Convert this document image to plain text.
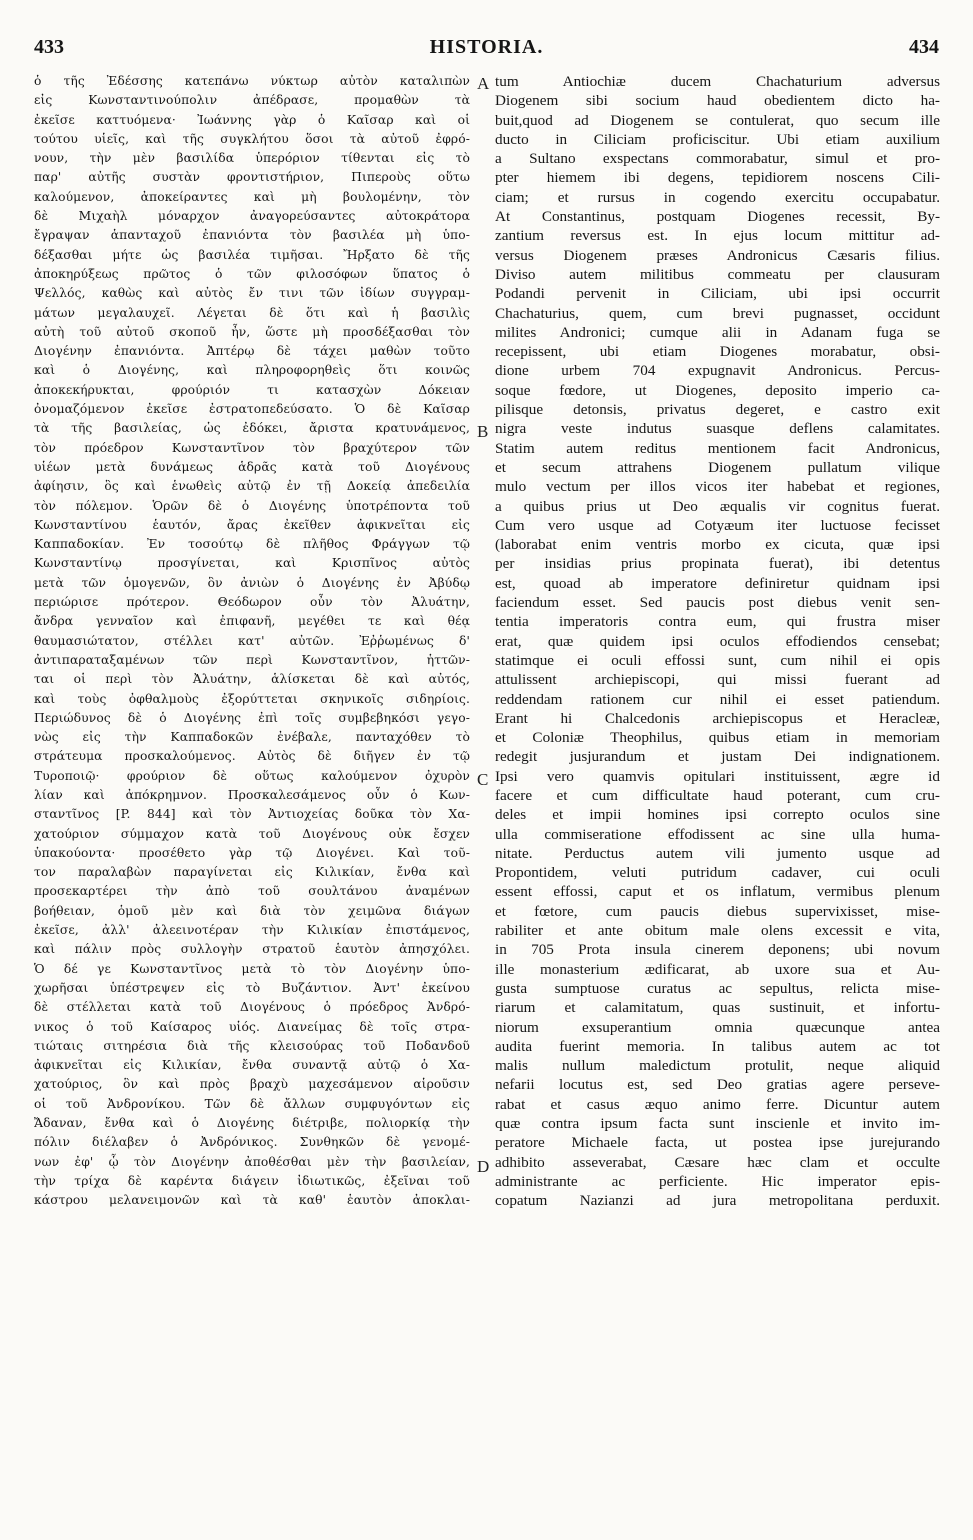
433	HISTORIA.	434
ὁ τῆς Ἐδέσσης κατεπάνω νύκτωρ αὐτὸν καταλιπὼν
εἰς Κωνσταντινούπολιν ἀπέδρασε, προμαθὼν τὰ
ἐκεῖσε καττυόμενα· Ἰωάννης γὰρ ὁ Καῖσαρ καὶ οἱ
τούτου υἱεῖς, καὶ τῆς συγκλήτου ὅσοι τὰ αὐτοῦ ἐφρό-
νουν, τὴν μὲν βασιλίδα ὑπερόριον τίθενται εἰς τὸ
παρ' αὐτῆς συστὰν φροντιστήριον, Πιπεροὺς οὕτω
καλούμενον, ἀποκείραντες καὶ μὴ βουλομένην, τὸν
δὲ Μιχαὴλ μόναρχον ἀναγορεύσαντες αὐτοκράτορα
ἔγραψαν ἁπανταχοῦ ἐπανιόντα τὸν βασιλέα μὴ ὑπο-
δέξασθαι μήτε ὡς βασιλέα τιμῆσαι. Ἤρξατο δὲ τῆς
ἀποκηρύξεως πρῶτος ὁ τῶν φιλοσόφων ὕπατος ὁ
Ψελλός, καθὼς καὶ αὐτὸς ἔν τινι τῶν ἰδίων συγγραμ-
μάτων μεγαλαυχεῖ. Λέγεται δὲ ὅτι καὶ ἡ βασιλὶς
αὐτὴ τοῦ αὐτοῦ σκοποῦ ἦν, ὥστε μὴ προσδέξασθαι τὸν
Διογένην ἐπανιόντα. Ἀπτέρῳ δὲ τάχει μαθὼν τοῦτο
καὶ ὁ Διογένης, καὶ πληροφορηθεὶς ὅτι κοινῶς
ἀποκεκήρυκται, φρούριόν τι κατασχὼν Δόκειαν
ὀνομαζόμενον ἐκεῖσε ἐστρατοπεδεύσατο. Ὁ δὲ Καῖσαρ
τὰ τῆς βασιλείας, ὡς ἐδόκει, ἄριστα κρατυνάμενος,
τὸν πρόεδρον Κωνσταντῖνον τὸν βραχύτερον τῶν
υἱέων μετὰ δυνάμεως ἁδρᾶς κατὰ τοῦ Διογένους
ἀφίησιν, ὃς καὶ ἑνωθεὶς αὐτῷ ἐν τῇ Δοκείᾳ ἀπεδειλία
τὸν πόλεμον. Ὁρῶν δὲ ὁ Διογένης ὑποτρέποντα τοῦ
Κωνσταντίνου ἑαυτόν, ἄρας ἐκεῖθεν ἀφικνεῖται εἰς
Καππαδοκίαν. Ἐν τοσούτῳ δὲ πλῆθος Φράγγων τῷ
Κωνσταντίνῳ προσγίνεται, καὶ Κρισπῖνος αὐτὸς
μετὰ τῶν ὁμογενῶν, ὃν ἀνιὼν ὁ Διογένης ἐν Ἀβύδῳ
περιώρισε πρότερον. Θεόδωρον οὖν τὸν Ἀλυάτην,
ἄνδρα γενναῖον καὶ ἐπιφανῆ, μεγέθει τε καὶ θέᾳ
θαυμασιώτατον, στέλλει κατ' αὐτῶν. Ἐῤῥωμένως δ'
ἀντιπαραταξαμένων τῶν περὶ Κωνσταντῖνον, ἡττῶν-
ται οἱ περὶ τὸν Ἀλυάτην, ἁλίσκεται δὲ καὶ αὐτός,
καὶ τοὺς ὀφθαλμοὺς ἐξορύττεται σκηνικοῖς σιδηρίοις.
Περιώδυνος δὲ ὁ Διογένης ἐπὶ τοῖς συμβεβηκόσι γεγο-
νὼς εἰς τὴν Καππαδοκῶν ἐνέβαλε, πανταχόθεν τὸ
στράτευμα προσκαλούμενος. Αὐτὸς δὲ διῆγεν ἐν τῷ
Τυροποιῷ· φρούριον δὲ οὕτως καλούμενον ὀχυρὸν
λίαν καὶ ἀπόκρημνον. Προσκαλεσάμενος οὖν ὁ Κων-
σταντῖνος [P. 844] καὶ τὸν Ἀντιοχείας δοῦκα τὸν Χα-
χατούριον σύμμαχον κατὰ τοῦ Διογένους οὐκ ἔσχεν
ὑπακούοντα· προσέθετο γὰρ τῷ Διογένει. Καὶ τοῦ-
τον παραλαβὼν παραγίνεται εἰς Κιλικίαν, ἔνθα καὶ
προσεκαρτέρει τὴν ἀπὸ τοῦ σουλτάνου ἀναμένων
βοήθειαν, ὁμοῦ μὲν καὶ διὰ τὸν χειμῶνα διάγων
ἐκεῖσε, ἀλλ' ἀλεεινοτέραν τὴν Κιλικίαν ἐπιστάμενος,
καὶ πάλιν πρὸς συλλογὴν στρατοῦ ἑαυτὸν ἀπησχόλει.
Ὁ δέ γε Κωνσταντῖνος μετὰ τὸ τὸν Διογένην ὑπο-
χωρῆσαι ὑπέστρεψεν εἰς τὸ Βυζάντιον. Ἀντ' ἐκείνου
δὲ στέλλεται κατὰ τοῦ Διογένους ὁ πρόεδρος Ἀνδρό-
νικος ὁ τοῦ Καίσαρος υἱός. Διανείμας δὲ τοῖς στρα-
τιώταις σιτηρέσια διὰ τῆς κλεισούρας τοῦ Ποδανδοῦ
ἀφικνεῖται εἰς Κιλικίαν, ἔνθα συναντᾷ αὐτῷ ὁ Χα-
χατούριος, ὃν καὶ πρὸς βραχὺ μαχεσάμενον αἱροῦσιν
οἱ τοῦ Ἀνδρονίκου. Τῶν δὲ ἄλλων συμφυγόντων εἰς
Ἄδαναν, ἔνθα καὶ ὁ Διογένης διέτριβε, πολιορκίᾳ τὴν
πόλιν διέλαβεν ὁ Ἀνδρόνικος. Συνθηκῶν δὲ γενομέ-
νων ἐφ' ᾧ τὸν Διογένην ἀποθέσθαι μὲν τὴν βασιλείαν,
τὴν τρίχα δὲ καρέντα διάγειν ἰδιωτικῶς, ἐξεῖναι τοῦ
κάστρου μελανειμονῶν καὶ τὰ καθ' ἑαυτὸν ἀποκλαι-
tum Antiochiæ ducem Chachaturium adversus
Diogenem sibi socium haud obedientem dicto ha-
buit,quod ad Diogenem se contulerat, quo secum ille
ducto in Ciliciam proficiscitur. Ubi etiam auxilium
a Sultano exspectans commorabatur, simul et pro-
pter hiemem ibi degens, tepidiorem noscens Cili-
ciam; et rursus in cogendo exercitu occupabatur.
At Constantinus, postquam Diogenes recessit, By-
zantium reversus est. In ejus locum mittitur ad-
versus Diogenem præses Andronicus Cæsaris filius.
Diviso autem militibus commeatu per clausuram
Podandi pervenit in Ciliciam, ubi ipsi occurrit
Chachaturius, quem, cum brevi pugnasset, occidunt
milites Andronici; cumque alii in Adanam fuga se
recepissent, ubi etiam Diogenes morabatur, obsi-
dione urbem 704 expugnavit Andronicus. Percus-
soque fœdore, ut Diogenes, deposito imperio ca-
pilisque detonsis, privatus degeret, e castro exit
nigra veste indutus suasque deflens calamitates.
Statim autem reditus mentionem facit Andronicus,
et secum attrahens Diogenem pullatum vilique
mulo vectum per illos vicos iter habebat et regiones,
a quibus prius ut Deo æqualis vir cognitus fuerat.
Cum vero usque ad Cotyæum iter luctuose fecisset
(laborabat enim ventris morbo ex cicuta, quæ ipsi
per insidias prius propinata fuerat), ibi detentus
est, quoad ab imperatore definiretur quidnam ipsi
faciendum esset. Sed paucis post diebus venit sen-
tentia imperatoris contra eum, qui frustra miser
erat, quæ quidem ipsi oculos effodiendos censebat;
statimque ei oculi effossi sunt, cum nihil ei opis
attulissent archiepiscopi, qui missi fuerant ad
reddendam rationem cur nihil ei esset patiendum.
Erant hi Chalcedonis archiepiscopus et Heracleæ,
et Coloniæ Theophilus, quibus etiam in memoriam
redegit jusjurandum et justam Dei indignationem.
Ipsi vero quamvis opitulari instituissent, ægre id
facere et cum difficultate haud poterant, cum cru-
deles et impii homines ipsi correpto oculos sine
ulla commiseratione effodissent ac sine ulla huma-
nitate. Perductus autem vili jumento usque ad
Propontidem, veluti putridum cadaver, cui oculi
essent effossi, caput et os inflatum, vermibus plenum
et fœtore, cum paucis diebus supervixisset, mise-
rabiliter et ante obitum male olens excessit e vita,
in 705 Prota insula cinerem deponens; ubi novum
ille monasterium ædificarat, ab uxore sua et Au-
gusta sumptuose curatus ac sepultus, relicta mise-
riarum et calamitatum, quas sustinuit, et infortu-
niorum exsuperantium omnia quæcunque antea
audita fuerint memoria. In talibus autem ac tot
malis nullum maledictum protulit, neque aliquid
nefarii locutus est, sed Deo gratias agere perseve-
rabat et casus æquo animo ferre. Dicuntur autem
quæ contra ipsum facta sunt inscienle et invito im-
peratore Michaele facta, ut postea ipse jurejurando
adhibito asseverabat, Cæsare hæc clam et occulte
administrante ac perficiente. Hic imperator epis-
copatum Nazianzi ad jura metropolitana perduxit.
A
B
C
D
